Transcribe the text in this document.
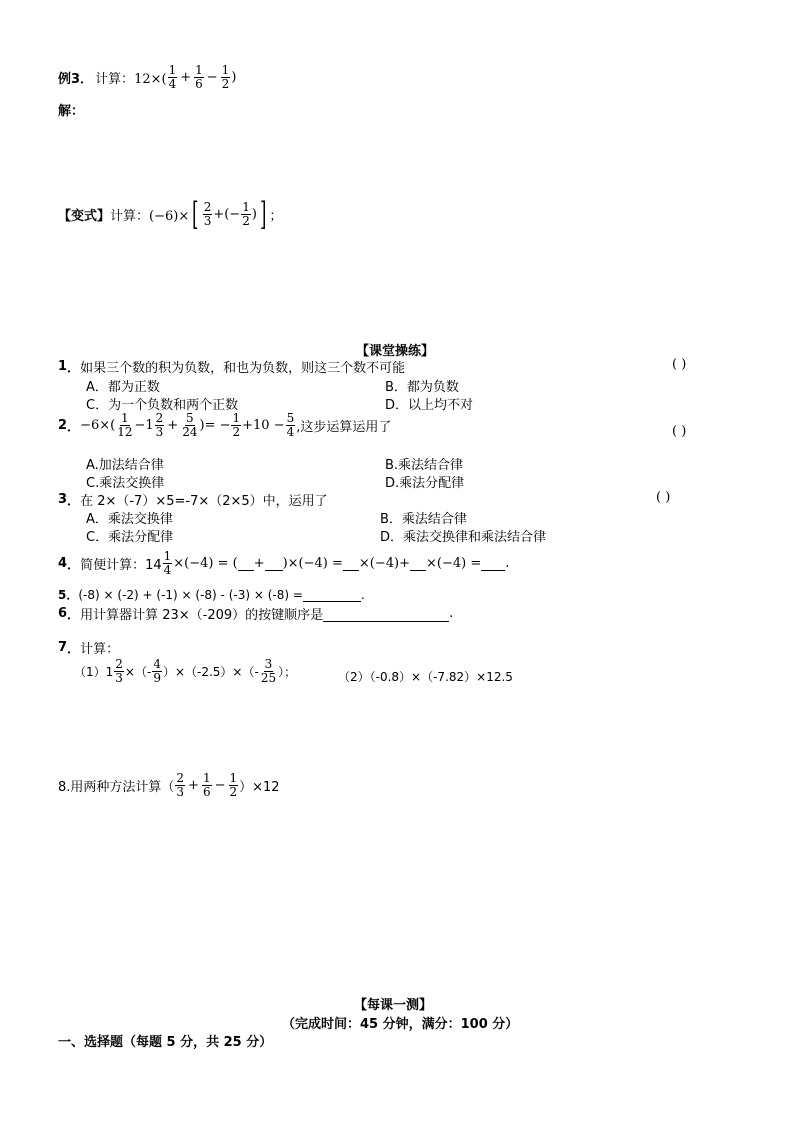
例3 ． 计算：$12\times( \frac{1}{4} + \frac{1}{6} - \frac{1}{2}$ )
解：
【变式】 计算：(−6)× [ $\frac{2}{3}$ +(− $\frac{1}{2}$ ) ] ；
【课堂操练】
1 ． 如果三个数的积为负数，和也为负数，则这三个数不可能	( )
A．都为正数	B．都为负数
C．为一个负数和两个正数	D．以上均不对
2 ． $-6\times( \frac{1}{12} -1 \frac{2}{3} + \frac{5}{24}$ )= − $\frac{1}{2} +10 - \frac{5}{4}$ ,这步运算运用了	( )
A.加法结合律	B.乘法结合律
C.乘法交换律	D.乘法分配律
3 ． 在 2×（-7）×5=-7×（2×5）中，运用了	( )
A．乘法交换律	B．乘法结合律
C．乘法分配律	D．乘法交换律和乘法结合律
4 ． 简便计算：$14 \frac{1}{4} \times(-4)$ = (
+
)×(−4) =
×(−4)+
×(−4) =
.
5 ． (-8) × (-2) + (-1) × (-8) - (-3) × (-8) =
	.
6 ． 用计算器计算 23×（-209）的按键顺序是
	.
7 ． 计算：
$(1)1 \frac{2}{3}$ ×（- $\frac{4}{9} )\times(-2.5)\times(- \frac{3}{25}$ ）；	（2）（-0.8）×（-7.82）×12.5
8.用两种方法计算（ $\frac{2}{3} + \frac{1}{6} - \frac{1}{2} )\times 12$
【每课一测】
（完成时间：45 分钟，满分：100 分）
一、选择题（每题 5 分，共 25 分）
